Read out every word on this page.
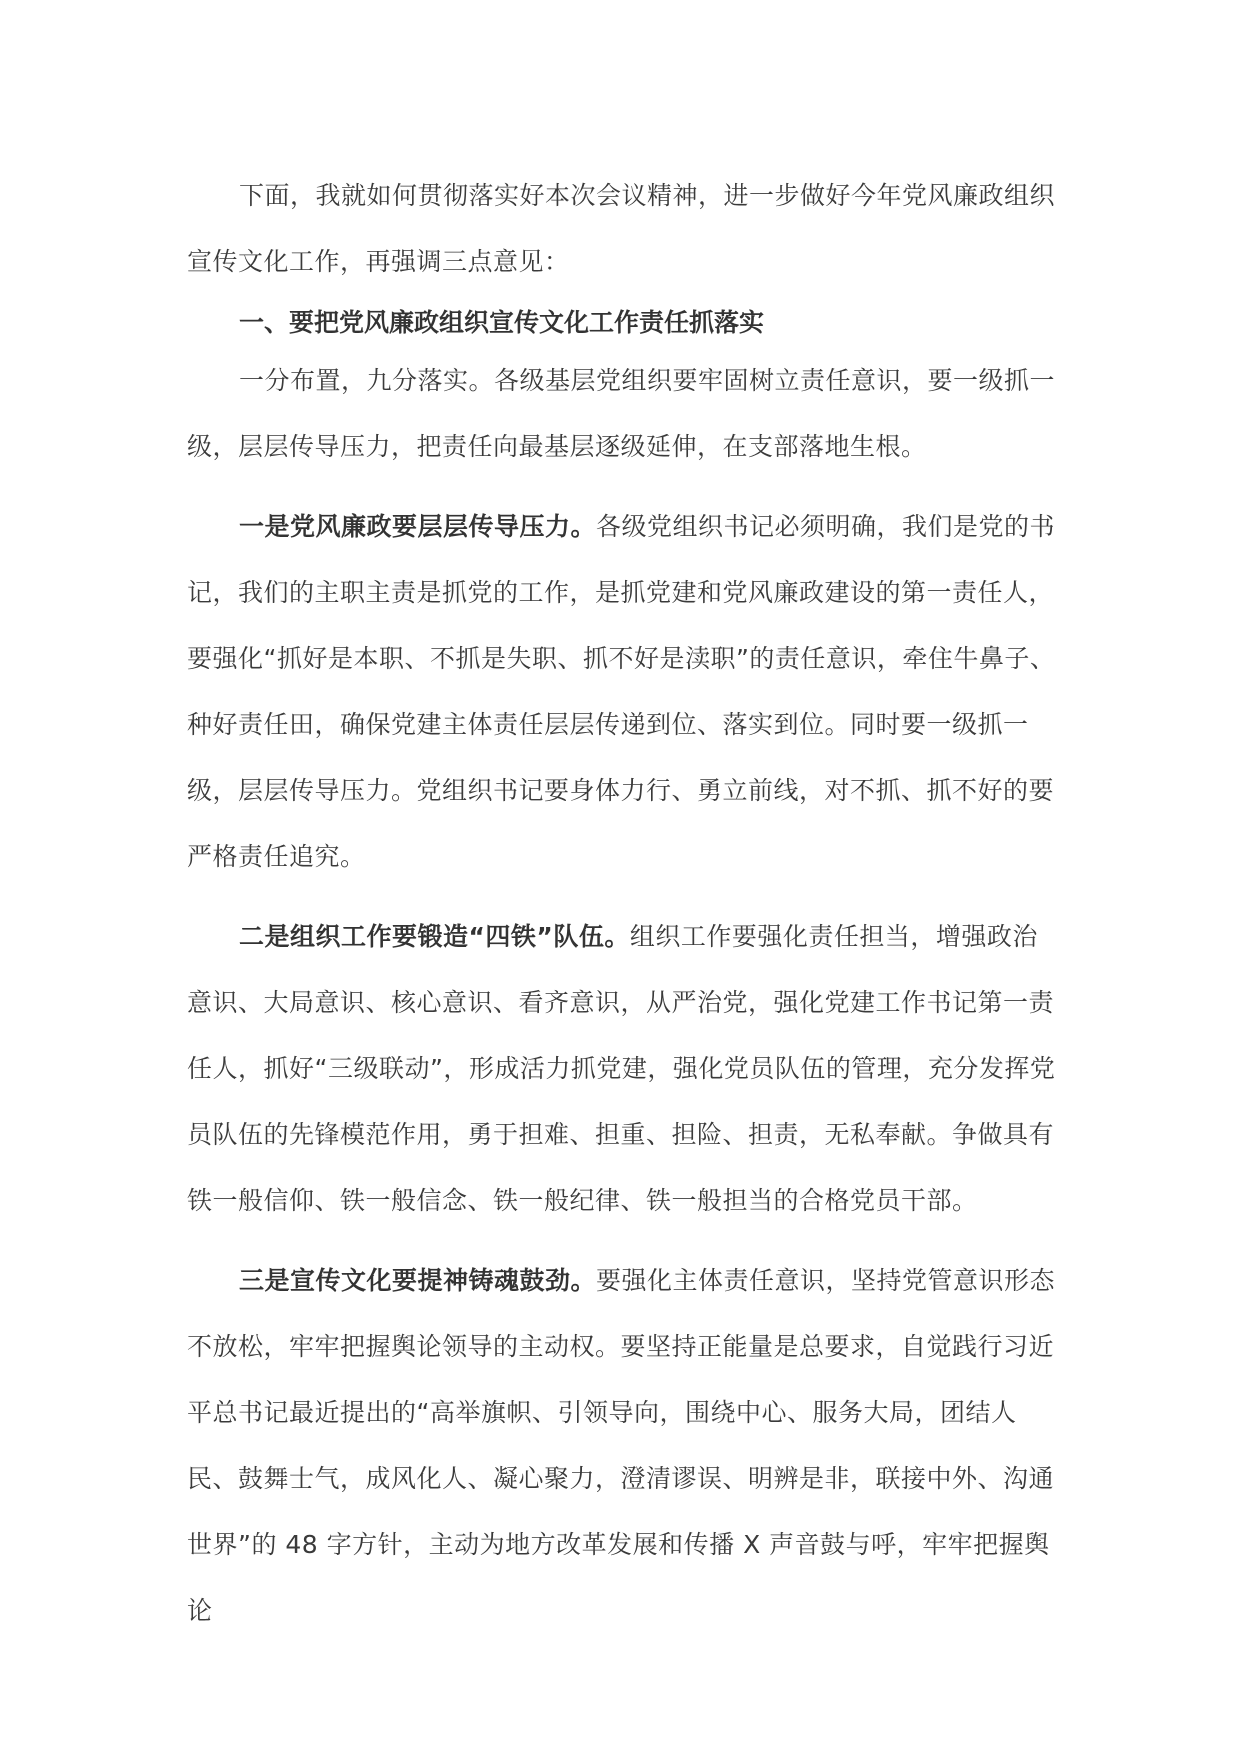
下面，我就如何贯彻落实好本次会议精神，进一步做好今年党风廉政组织宣传文化工作，再强调三点意见：

一、要把党风廉政组织宣传文化工作责任抓落实

一分布置，九分落实。各级基层党组织要牢固树立责任意识，要一级抓一级，层层传导压力，把责任向最基层逐级延伸，在支部落地生根。

一是党风廉政要层层传导压力。各级党组织书记必须明确，我们是党的书记，我们的主职主责是抓党的工作，是抓党建和党风廉政建设的第一责任人，要强化“抓好是本职、不抓是失职、抓不好是渎职”的责任意识，牵住牛鼻子、种好责任田，确保党建主体责任层层传递到位、落实到位。同时要一级抓一级，层层传导压力。党组织书记要身体力行、勇立前线，对不抓、抓不好的要严格责任追究。

二是组织工作要锻造“四铁”队伍。组织工作要强化责任担当，增强政治意识、大局意识、核心意识、看齐意识，从严治党，强化党建工作书记第一责任人，抓好“三级联动”，形成活力抓党建，强化党员队伍的管理，充分发挥党员队伍的先锋模范作用，勇于担难、担重、担险、担责，无私奉献。争做具有铁一般信仰、铁一般信念、铁一般纪律、铁一般担当的合格党员干部。

三是宣传文化要提神铸魂鼓劲。要强化主体责任意识，坚持党管意识形态不放松，牢牢把握舆论领导的主动权。要坚持正能量是总要求，自觉践行习近平总书记最近提出的“高举旗帜、引领导向，围绕中心、服务大局，团结人民、鼓舞士气，成风化人、凝心聚力，澄清谬误、明辨是非，联接中外、沟通世界”的 48 字方针，主动为地方改革发展和传播 X 声音鼓与呼，牢牢把握舆论
